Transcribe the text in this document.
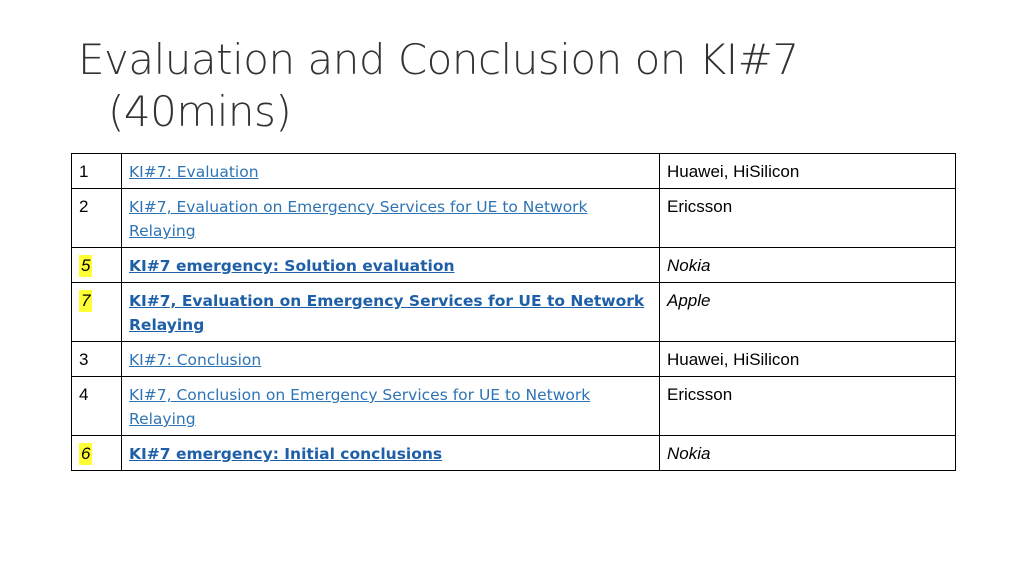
Evaluation and Conclusion on KI#7
(40mins)
1	KI#7: Evaluation	Huawei, HiSilicon
2	KI#7, Evaluation on Emergency Services for UE to Network Relaying	Ericsson
5	KI#7 emergency: Solution evaluation	Nokia
7	KI#7, Evaluation on Emergency Services for UE to Network Relaying	Apple
3	KI#7: Conclusion	Huawei, HiSilicon
4	KI#7, Conclusion on Emergency Services for UE to Network Relaying	Ericsson
6	KI#7 emergency: Initial conclusions	Nokia
